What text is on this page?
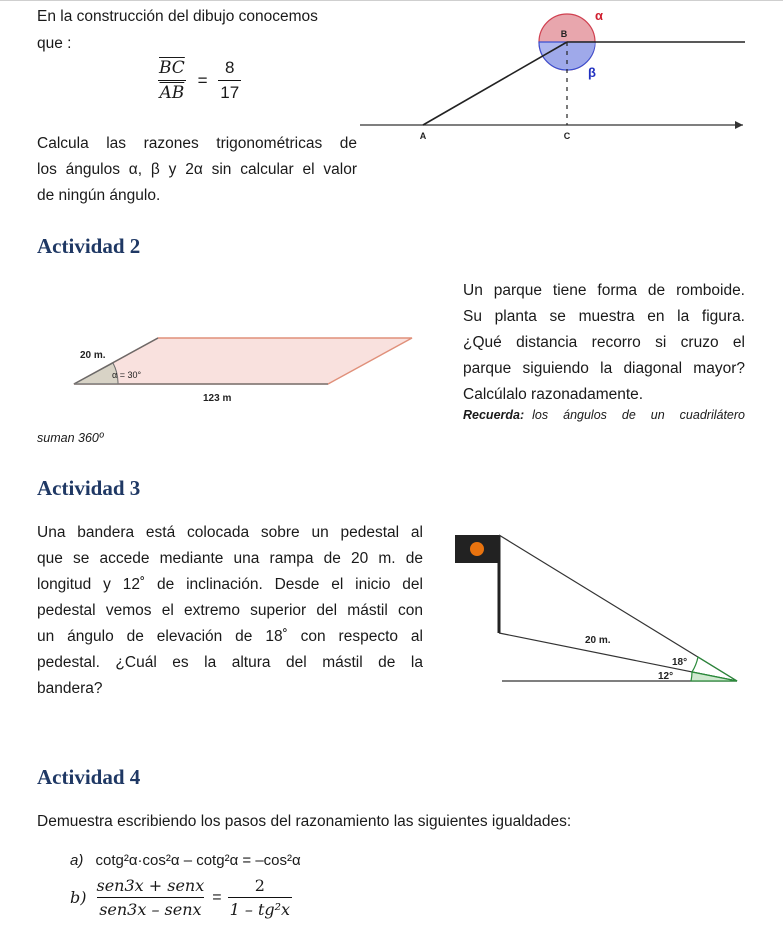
En la construcción del dibujo conocemos
que :
$\frac{\overline{BC}}{AB} = \frac{8}{17}$
Calcula las razones trigonométricas de
los ángulos α, β y 2α sin calcular el valor
de ningún ángulo.
B
α
β
A	C
Actividad 2
Un parque tiene forma de romboide.
Su planta se muestra en la figura.
¿Qué distancia recorro si cruzo el
parque siguiendo la diagonal mayor?
Calcúlalo razonadamente.
Recuerda: los ángulos de un cuadrilátero
suman 360º
20 m.
α = 30°
123 m
Actividad 3
Una bandera está colocada sobre un pedestal al
que se accede mediante una rampa de 20 m. de
longitud y 12˚ de inclinación. Desde el inicio del
pedestal vemos el extremo superior del mástil con
un ángulo de elevación de 18˚ con respecto al
pedestal. ¿Cuál es la altura del mástil de la
bandera?
20 m.
18°
12°
Actividad 4
Demuestra escribiendo los pasos del razonamiento las siguientes igualdades:
a) cotg²α·cos²α – cotg²α = –cos²α
$b) \frac{\text{sen3x + senx}}{\text{sen3x – senx}} = \frac{2}{\text{1 – tg²x}}$
